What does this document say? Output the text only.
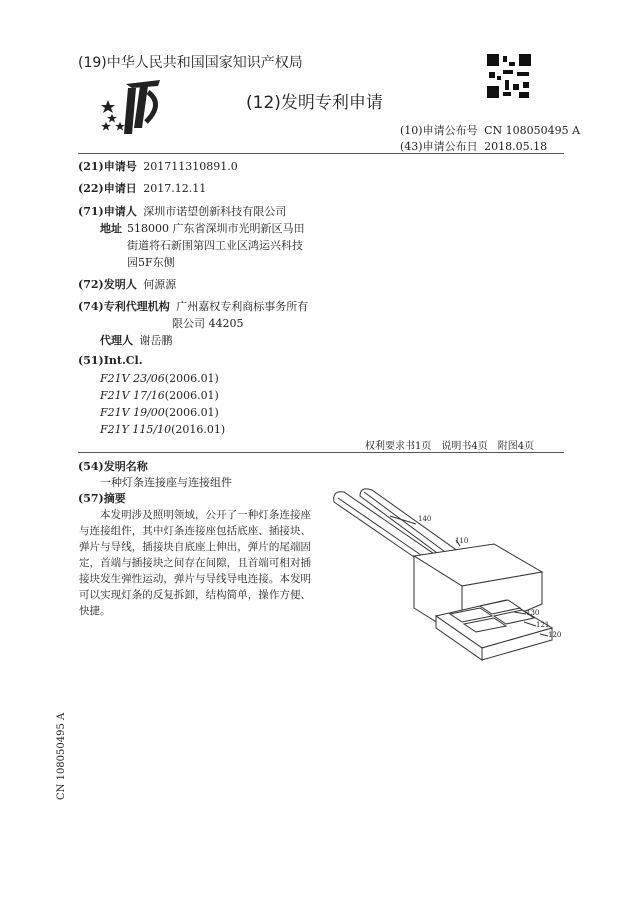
(19)中华人民共和国国家知识产权局
(12)发明专利申请
(10)申请公布号 CN 108050495 A
(43)申请公布日 2018.05.18
(21)申请号 201711310891.0
(22)申请日 2017.12.11
(71)申请人 深圳市诺望创新科技有限公司
地址 518000 广东省深圳市光明新区马田
街道将石新围第四工业区鸿运兴科技
园5F东侧
(72)发明人 何源源
(74)专利代理机构 广州嘉权专利商标事务所有
限公司 44205
代理人 谢岳鹏
(51)Int.Cl.
F21V 23/06(2006.01)
F21V 17/16(2006.01)
F21V 19/00(2006.01)
F21Y 115/10(2016.01)
权利要求书1页　说明书4页　附图4页
(54)发明名称
一种灯条连接座与连接组件
(57)摘要
本发明涉及照明领域，公开了一种灯条连接座与连接组件，其中灯条连接座包括底座、插接块、弹片与导线，插接块自底座上伸出，弹片的尾端固定，首端与插接块之间存在间隙，且首端可相对插接块发生弹性运动，弹片与导线导电连接。本发明可以实现灯条的反复拆卸，结构简单，操作方便、快捷。
140
110
130
121
120
CN 108050495 A
